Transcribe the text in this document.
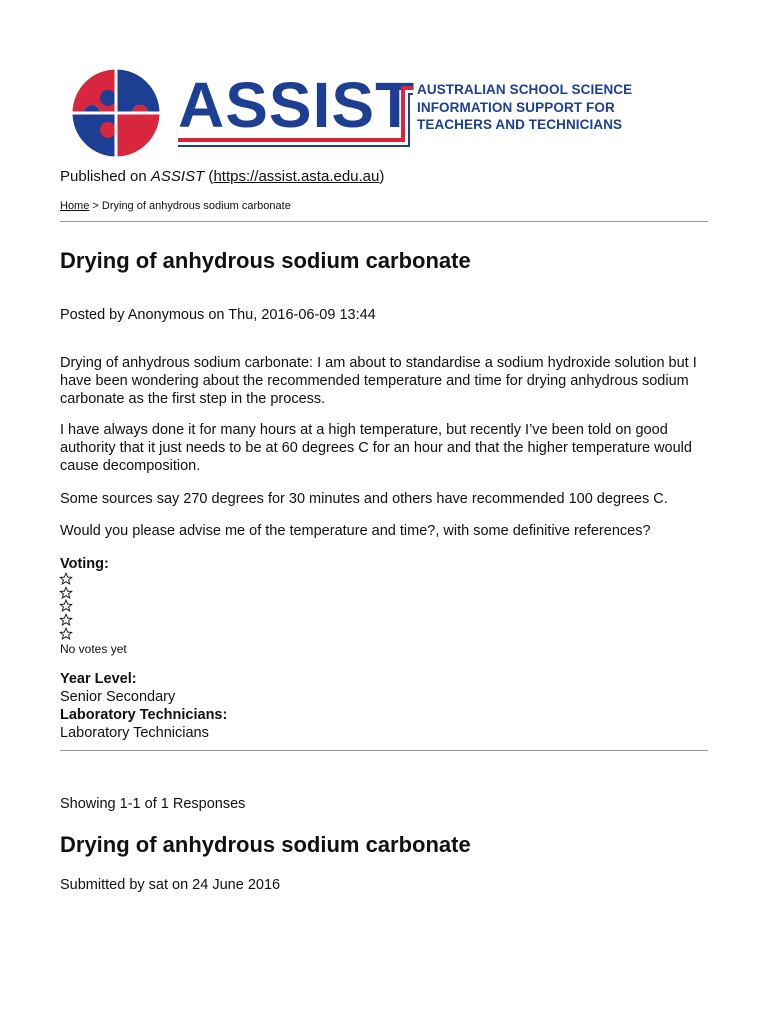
ASSIST AUSTRALIAN SCHOOL SCIENCE
INFORMATION SUPPORT FOR
TEACHERS AND TECHNICIANS
Published on ASSIST (https://assist.asta.edu.au)
Home > Drying of anhydrous sodium carbonate
Drying of anhydrous sodium carbonate

Posted by Anonymous on Thu, 2016-06-09 13:44

Drying of anhydrous sodium carbonate: I am about to standardise a sodium hydroxide solution but I have been wondering about the recommended temperature and time for drying anhydrous sodium carbonate as the first step in the process.

I have always done it for many hours at a high temperature, but recently I’ve been told on good authority that it just needs to be at 60 degrees C for an hour and that the higher temperature would cause decomposition.

Some sources say 270 degrees for 30 minutes and others have recommended 100 degrees C.

Would you please advise me of the temperature and time?, with some definitive references?

Voting:

No votes yet

Year Level:

Senior Secondary

Laboratory Technicians:

Laboratory Technicians

Showing 1-1 of 1 Responses

Drying of anhydrous sodium carbonate

Submitted by sat on 24 June 2016
